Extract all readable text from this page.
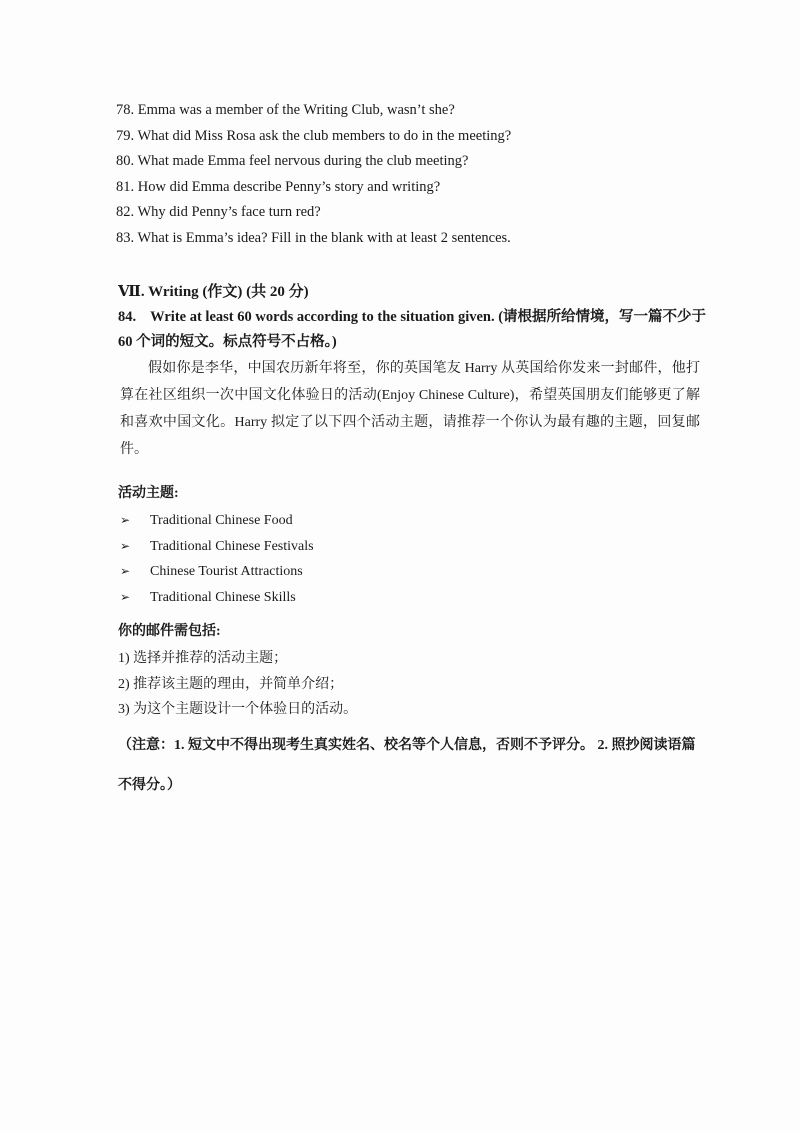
78. Emma was a member of the Writing Club, wasn’t she?
79. What did Miss Rosa ask the club members to do in the meeting?
80. What made Emma feel nervous during the club meeting?
81. How did Emma describe Penny’s story and writing?
82. Why did Penny’s face turn red?
83. What is Emma’s idea? Fill in the blank with at least 2 sentences.
Ⅶ. Writing (作文) (共 20 分)
84. Write at least 60 words according to the situation given. (请根据所给情境，写一篇不少于 60 个词的短文。标点符号不占格。)
假如你是李华，中国农历新年将至，你的英国笔友 Harry 从英国给你发来一封邮件，他打算在社区组织一次中国文化体验日的活动(Enjoy Chinese Culture)，希望英国朋友们能够更了解和喜欢中国文化。Harry 拟定了以下四个活动主题，请推荐一个你认为最有趣的主题，回复邮件。
活动主题:
➢ Traditional Chinese Food
➢ Traditional Chinese Festivals
➢ Chinese Tourist Attractions
➢ Traditional Chinese Skills
你的邮件需包括:
1) 选择并推荐的活动主题；
2) 推荐该主题的理由，并简单介绍；
3) 为这个主题设计一个体验日的活动。
（注意：1. 短文中不得出现考生真实姓名、校名等个人信息，否则不予评分。 2. 照抄阅读语篇不得分。）
